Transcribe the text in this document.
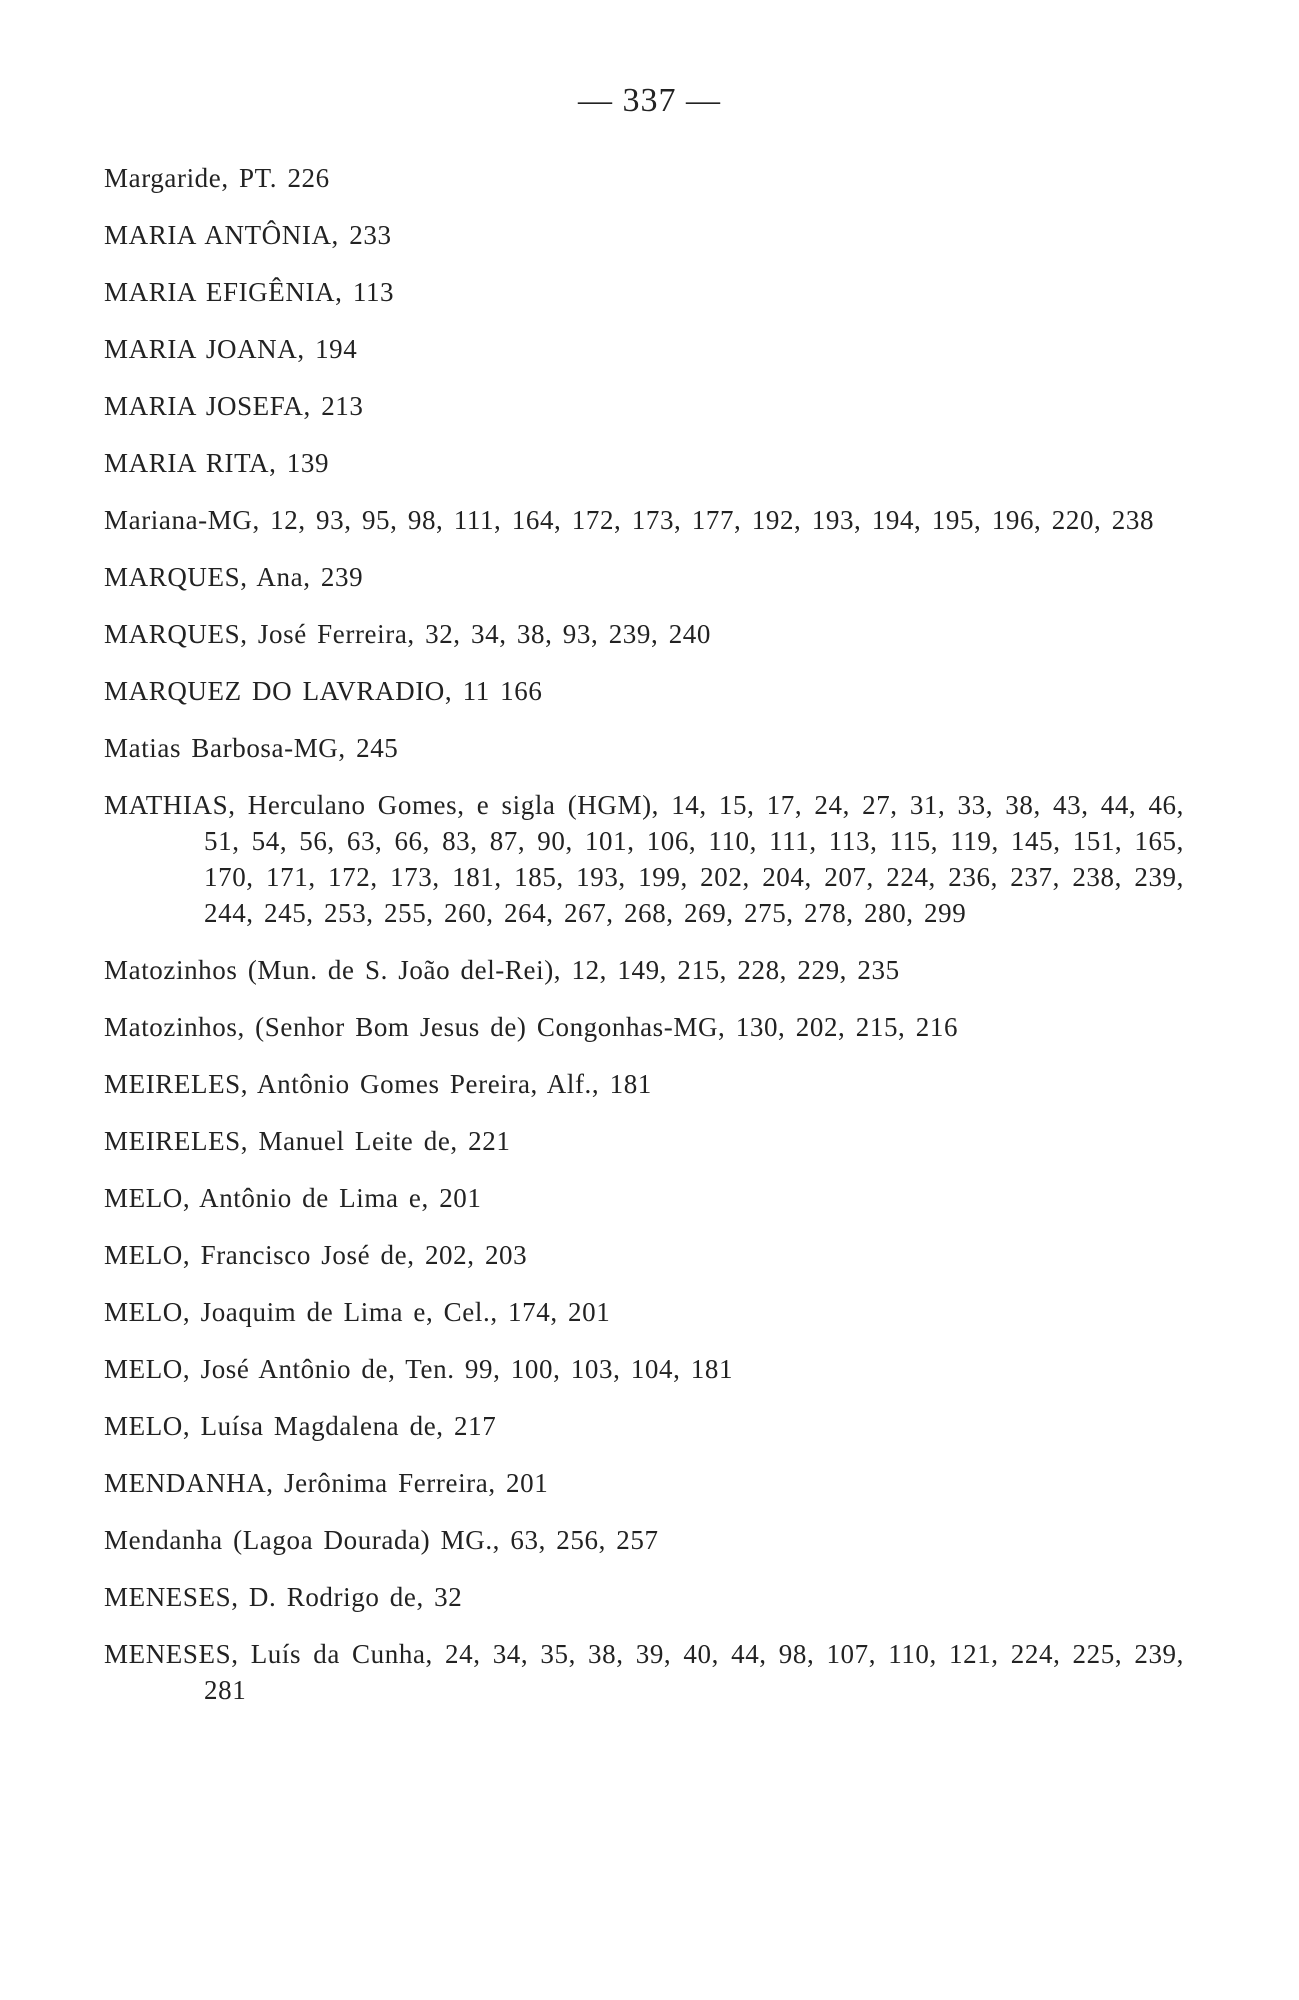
— 337 —
Margaride, PT. 226
MARIA ANTÔNIA, 233
MARIA EFIGÊNIA, 113
MARIA JOANA, 194
MARIA JOSEFA, 213
MARIA RITA, 139
Mariana-MG, 12, 93, 95, 98, 111, 164, 172, 173, 177, 192, 193, 194, 195, 196, 220, 238
MARQUES, Ana, 239
MARQUES, José Ferreira, 32, 34, 38, 93, 239, 240
MARQUEZ DO LAVRADIO, 11 166
Matias Barbosa-MG, 245
MATHIAS, Herculano Gomes, e sigla (HGM), 14, 15, 17, 24, 27, 31, 33, 38, 43, 44, 46, 51, 54, 56, 63, 66, 83, 87, 90, 101, 106, 110, 111, 113, 115, 119, 145, 151, 165, 170, 171, 172, 173, 181, 185, 193, 199, 202, 204, 207, 224, 236, 237, 238, 239, 244, 245, 253, 255, 260, 264, 267, 268, 269, 275, 278, 280, 299
Matozinhos (Mun. de S. João del-Rei), 12, 149, 215, 228, 229, 235
Matozinhos, (Senhor Bom Jesus de) Congonhas-MG, 130, 202, 215, 216
MEIRELES, Antônio Gomes Pereira, Alf., 181
MEIRELES, Manuel Leite de, 221
MELO, Antônio de Lima e, 201
MELO, Francisco José de, 202, 203
MELO, Joaquim de Lima e, Cel., 174, 201
MELO, José Antônio de, Ten. 99, 100, 103, 104, 181
MELO, Luísa Magdalena de, 217
MENDANHA, Jerônima Ferreira, 201
Mendanha (Lagoa Dourada) MG., 63, 256, 257
MENESES, D. Rodrigo de, 32
MENESES, Luís da Cunha, 24, 34, 35, 38, 39, 40, 44, 98, 107, 110, 121, 224, 225, 239, 281
